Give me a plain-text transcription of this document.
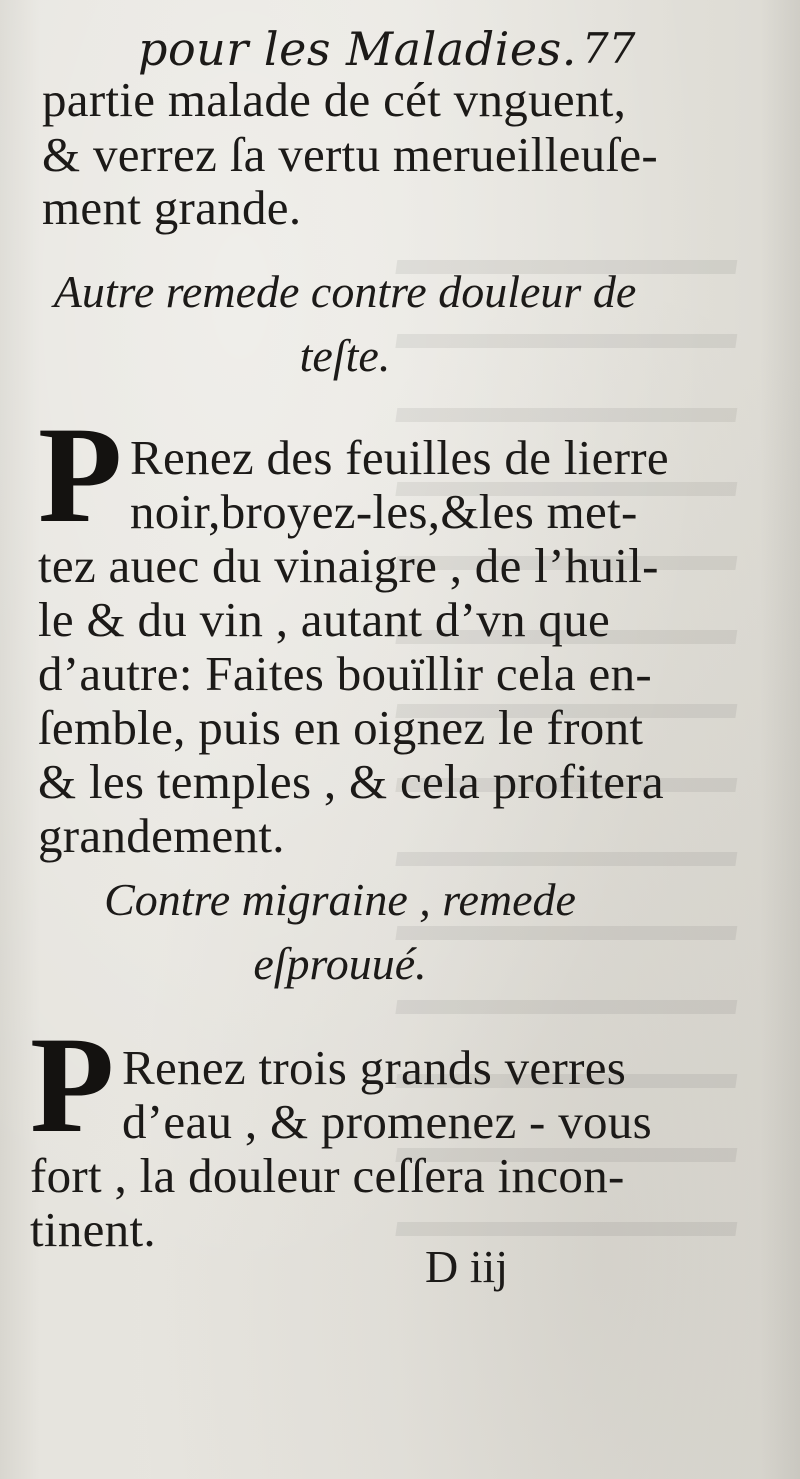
pour les Maladies. 77
partie malade de cét vnguent,
& verrez ſa vertu merueilleuſe-
ment grande.
Autre remede contre douleur de
teſte.
P Renez des feuilles de lierre
noir,broyez-les,&les met-
tez auec du vinaigre , de l’huil-
le & du vin , autant d’vn que
d’autre: Faites bouïllir cela en-
ſemble, puis en oignez le front
& les temples , & cela profitera
grandement.
Contre migraine , remede
eſprouué.
P Renez trois grands verres
d’eau , & promenez - vous
fort , la douleur ceſſera incon-
tinent.
D iij
